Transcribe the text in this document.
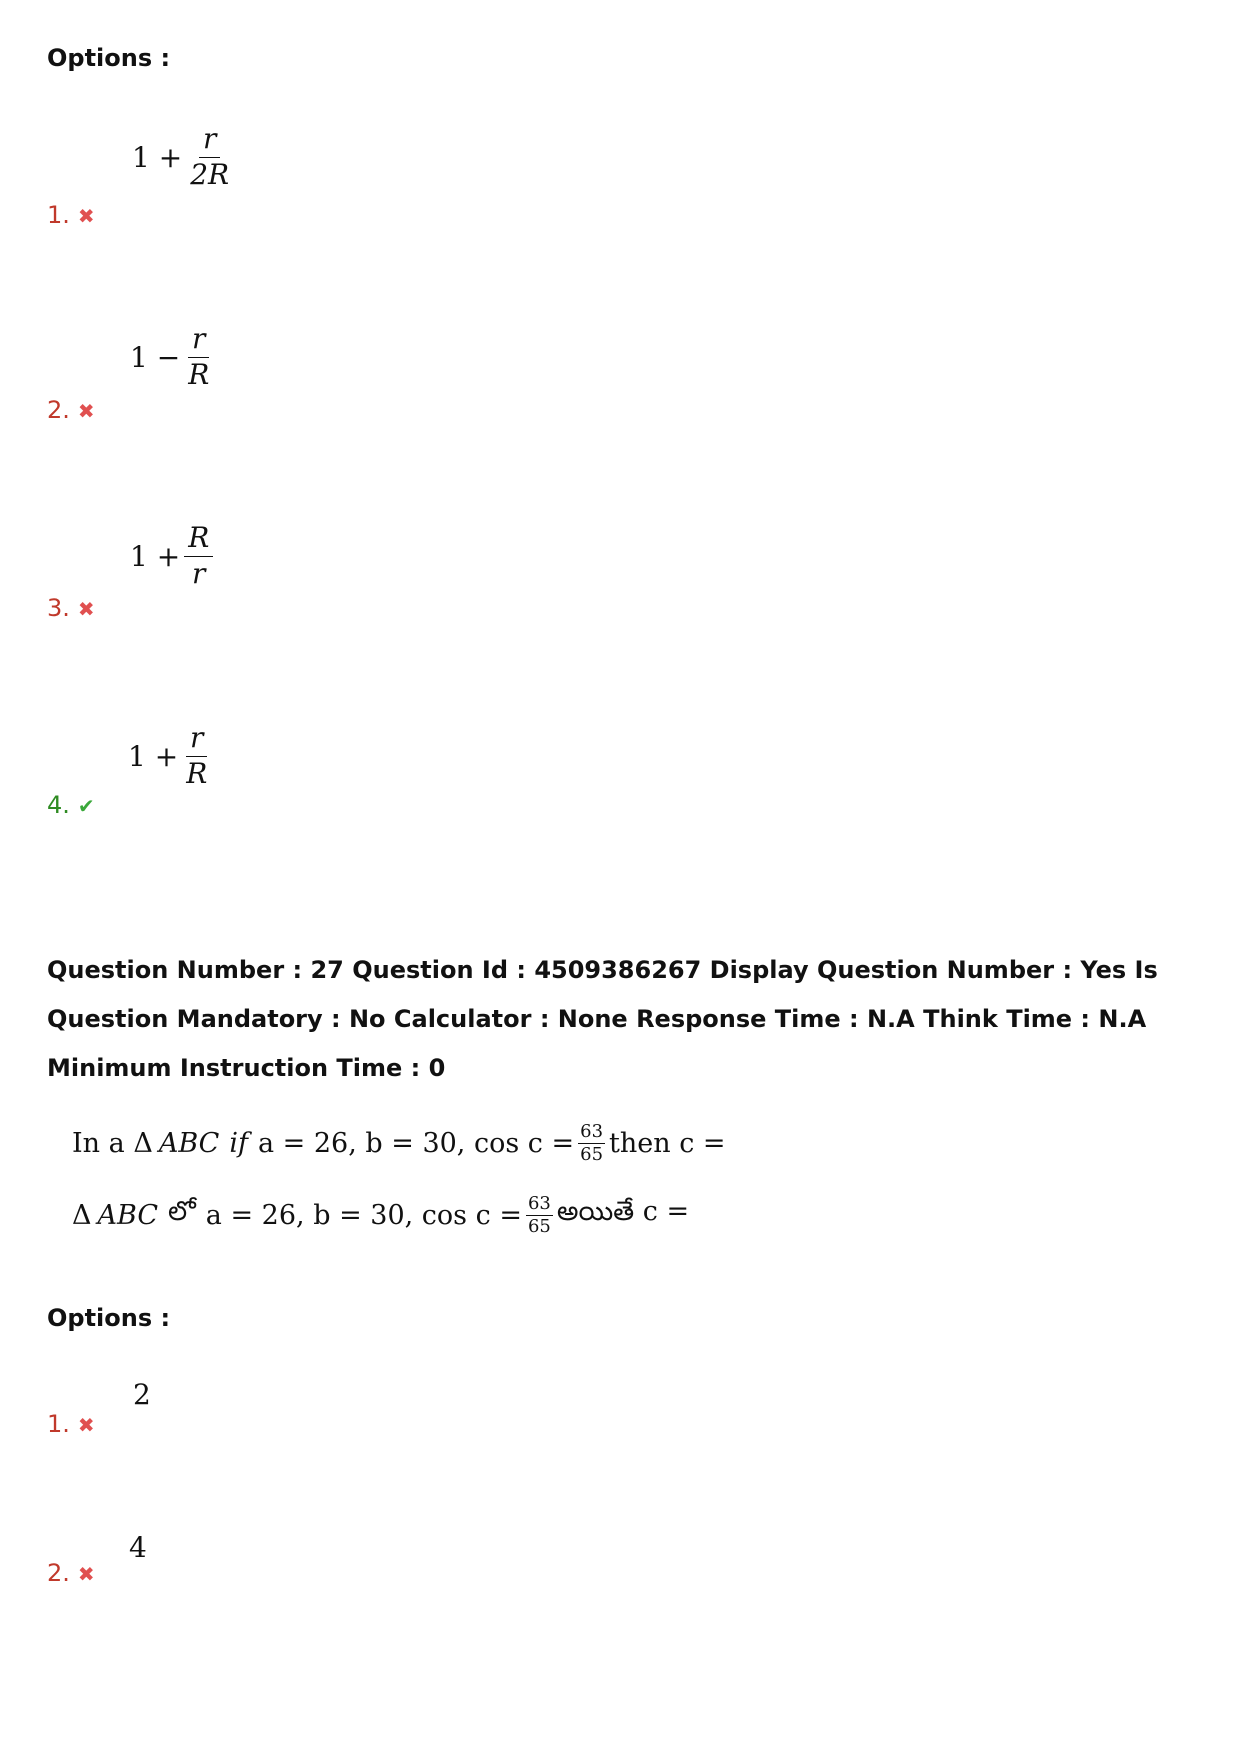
Options :
$1 + \frac{r}{2R}$
1. ✖
$1 - \frac{r}{R}$
2. ✖
$1 + \frac{R}{r}$
3. ✖
$1 + \frac{r}{R}$
4. ✔
Question Number : 27 Question Id : 4509386267 Display Question Number : Yes Is Question Mandatory : No Calculator : None Response Time : N.A Think Time : N.A Minimum Instruction Time : 0
In a Δ ABC if a = 26, b = 30, $\cos c = \frac{63}{65}$ then c =
Δ ABC లో a = 26, b = 30, $\cos c = \frac{63}{65}$ అయితే c =
Options :
2
1. ✖
4
2. ✖
